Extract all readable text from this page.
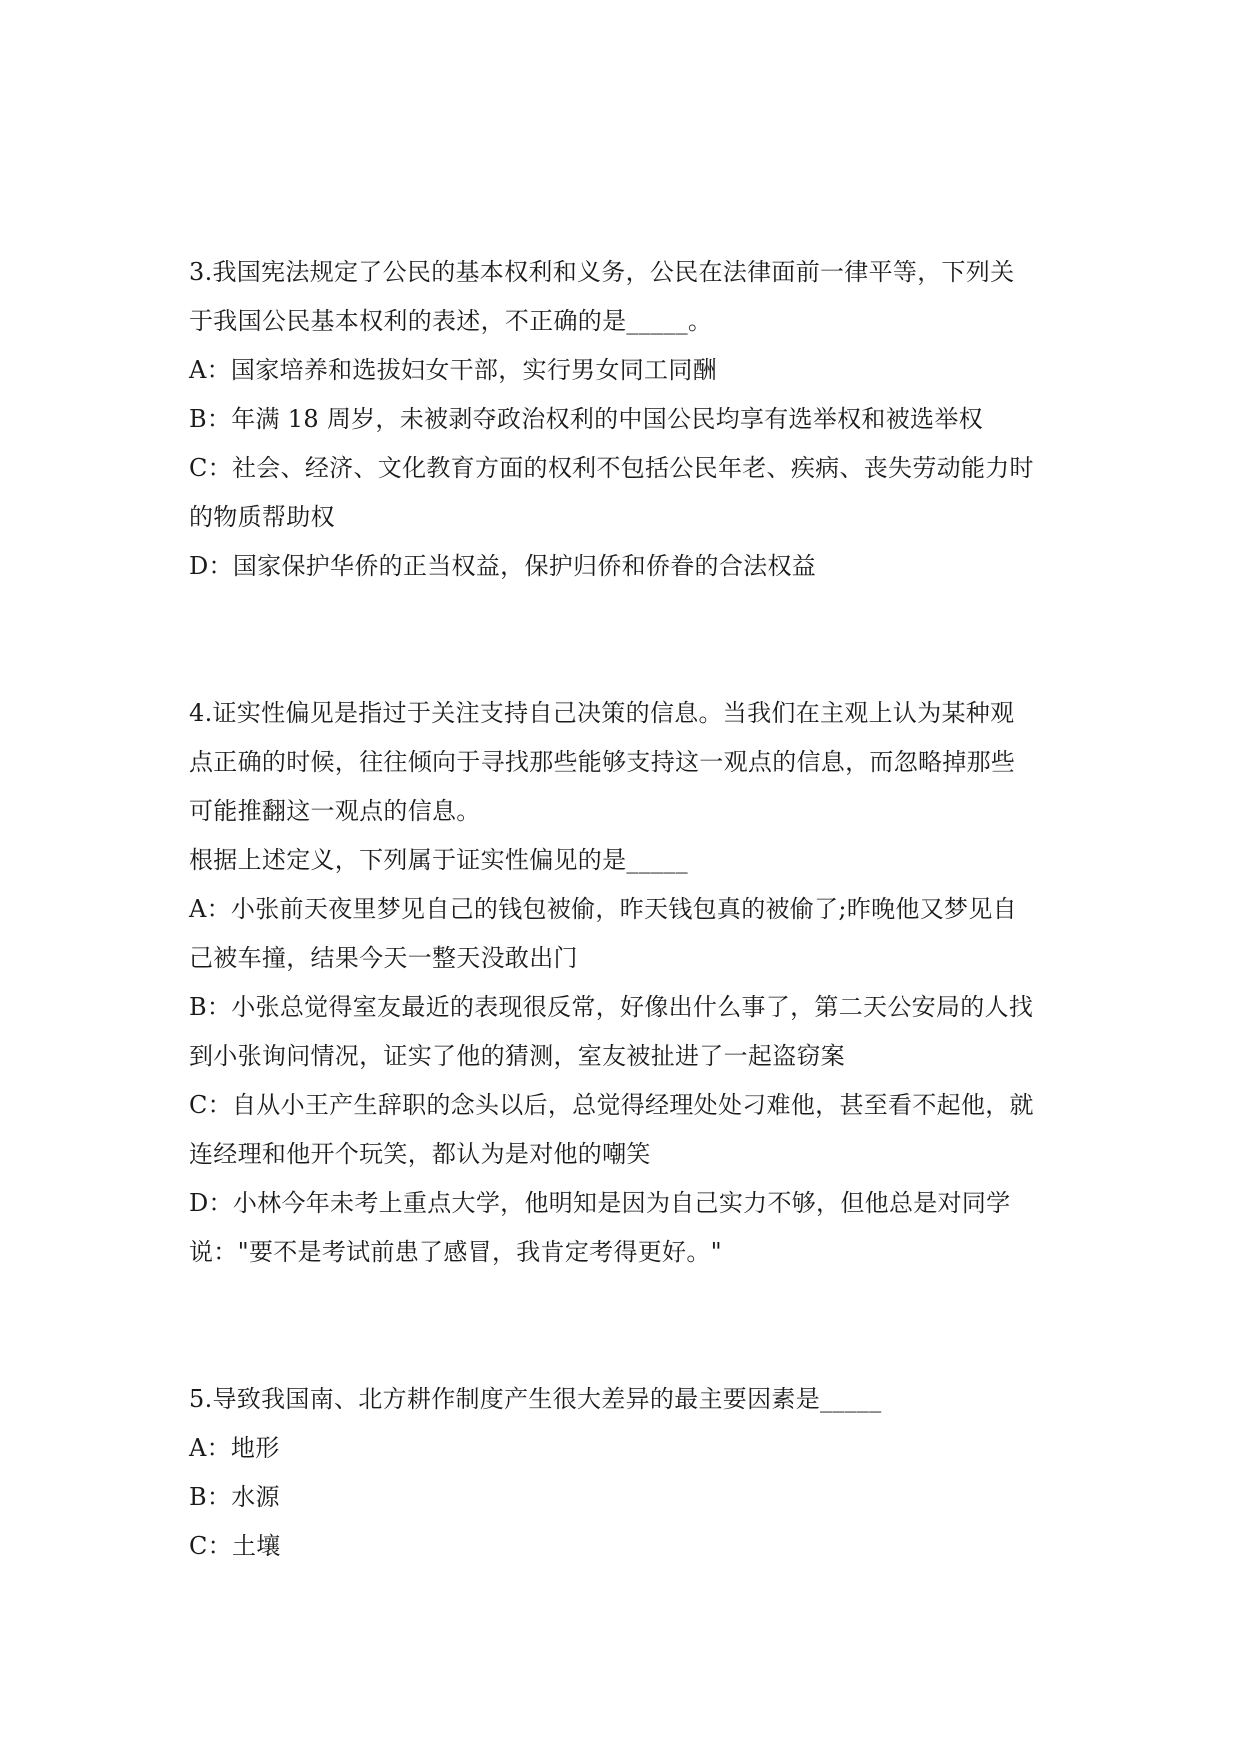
3.我国宪法规定了公民的基本权利和义务，公民在法律面前一律平等，下列关
于我国公民基本权利的表述，不正确的是_____。
A：国家培养和选拔妇女干部，实行男女同工同酬
B：年满 18 周岁，未被剥夺政治权利的中国公民均享有选举权和被选举权
C：社会、经济、文化教育方面的权利不包括公民年老、疾病、丧失劳动能力时
的物质帮助权
D：国家保护华侨的正当权益，保护归侨和侨眷的合法权益
4.证实性偏见是指过于关注支持自己决策的信息。当我们在主观上认为某种观
点正确的时候，往往倾向于寻找那些能够支持这一观点的信息，而忽略掉那些
可能推翻这一观点的信息。
根据上述定义，下列属于证实性偏见的是_____
A：小张前天夜里梦见自己的钱包被偷，昨天钱包真的被偷了;昨晚他又梦见自
己被车撞，结果今天一整天没敢出门
B：小张总觉得室友最近的表现很反常，好像出什么事了，第二天公安局的人找
到小张询问情况，证实了他的猜测，室友被扯进了一起盗窃案
C：自从小王产生辞职的念头以后，总觉得经理处处刁难他，甚至看不起他，就
连经理和他开个玩笑，都认为是对他的嘲笑
D：小林今年未考上重点大学，他明知是因为自己实力不够，但他总是对同学
说："要不是考试前患了感冒，我肯定考得更好。"
5.导致我国南、北方耕作制度产生很大差异的最主要因素是_____
A：地形
B：水源
C：土壤
